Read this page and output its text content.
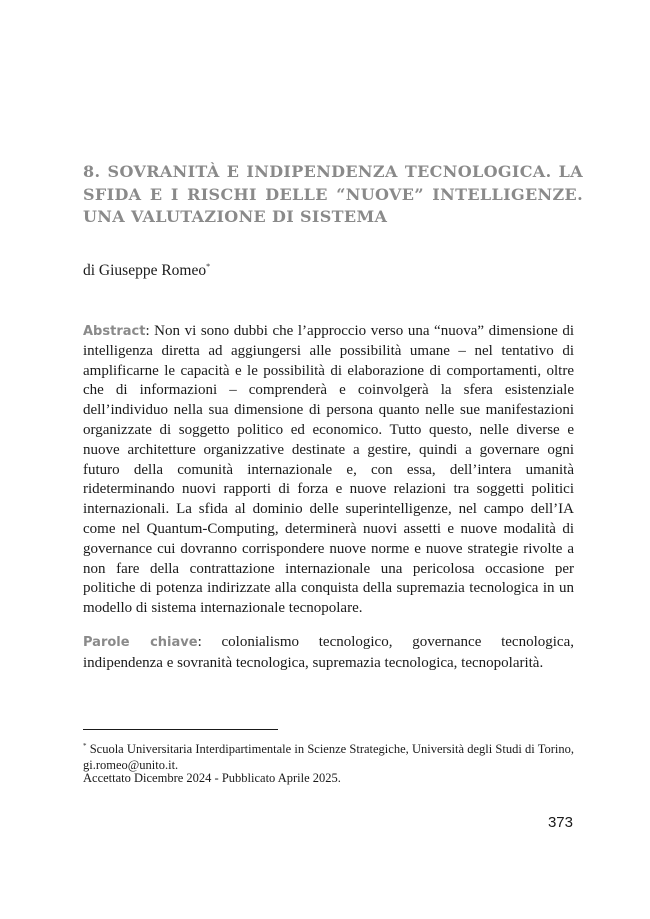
8. SOVRANITÀ E INDIPENDENZA TECNOLOGICA. LA SFIDA E I RISCHI DELLE “NUOVE” INTELLIGENZE. UNA VALUTAZIONE DI SISTEMA
di Giuseppe Romeo*
Abstract: Non vi sono dubbi che l’approccio verso una “nuova” dimensione di intelligenza diretta ad aggiungersi alle possibilità umane – nel tentativo di amplificarne le capacità e le possibilità di elaborazione di comportamenti, oltre che di informazioni – comprenderà e coinvolgerà la sfera esistenziale dell’individuo nella sua dimensione di persona quanto nelle sue manifestazioni organizzate di soggetto politico ed economico. Tutto questo, nelle diverse e nuove architetture organizzative destinate a gestire, quindi a governare ogni futuro della comunità internazionale e, con essa, dell’intera umanità rideterminando nuovi rapporti di forza e nuove relazioni tra soggetti politici internazionali. La sfida al dominio delle superintelligenze, nel campo dell’IA come nel Quantum-Computing, determinerà nuovi assetti e nuove modalità di governance cui dovranno corrispondere nuove norme e nuove strategie rivolte a non fare della contrattazione internazionale una pericolosa occasione per politiche di potenza indirizzate alla conquista della supremazia tecnologica in un modello di sistema internazionale tecnopolare.
Parole chiave: colonialismo tecnologico, governance tecnologica, indipendenza e sovranità tecnologica, supremazia tecnologica, tecnopolarità.
* Scuola Universitaria Interdipartimentale in Scienze Strategiche, Università degli Studi di Torino, gi.romeo@unito.it.
Accettato Dicembre 2024 - Pubblicato Aprile 2025.
373
